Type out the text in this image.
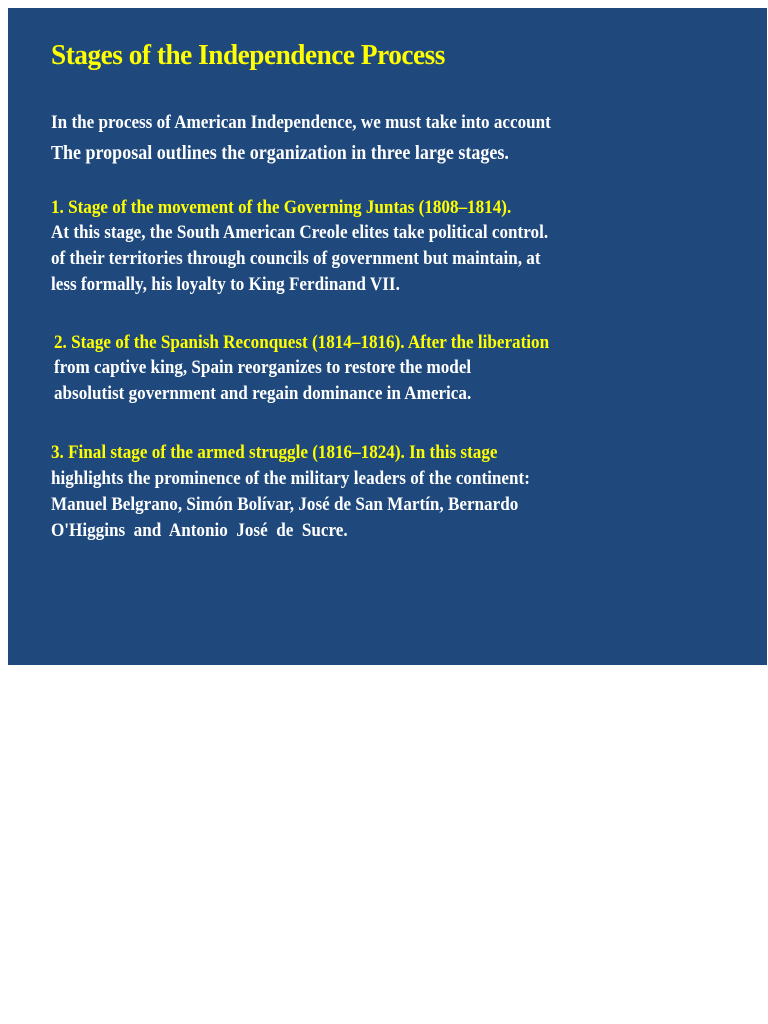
Stages of the Independence Process
In the process of American Independence, we must take into account
The proposal outlines the organization in three large stages.
1. Stage of the movement of the Governing Juntas (1808–1814).
At this stage, the South American Creole elites take political control.
of their territories through councils of government but maintain, at
less formally, his loyalty to King Ferdinand VII.
2. Stage of the Spanish Reconquest (1814–1816). After the liberation
from captive king, Spain reorganizes to restore the model
absolutist government and regain dominance in America.
3. Final stage of the armed struggle (1816–1824). In this stage
highlights the prominence of the military leaders of the continent:
Manuel Belgrano, Simón Bolívar, José de San Martín, Bernardo
O'Higgins  and  Antonio  José  de  Sucre.
